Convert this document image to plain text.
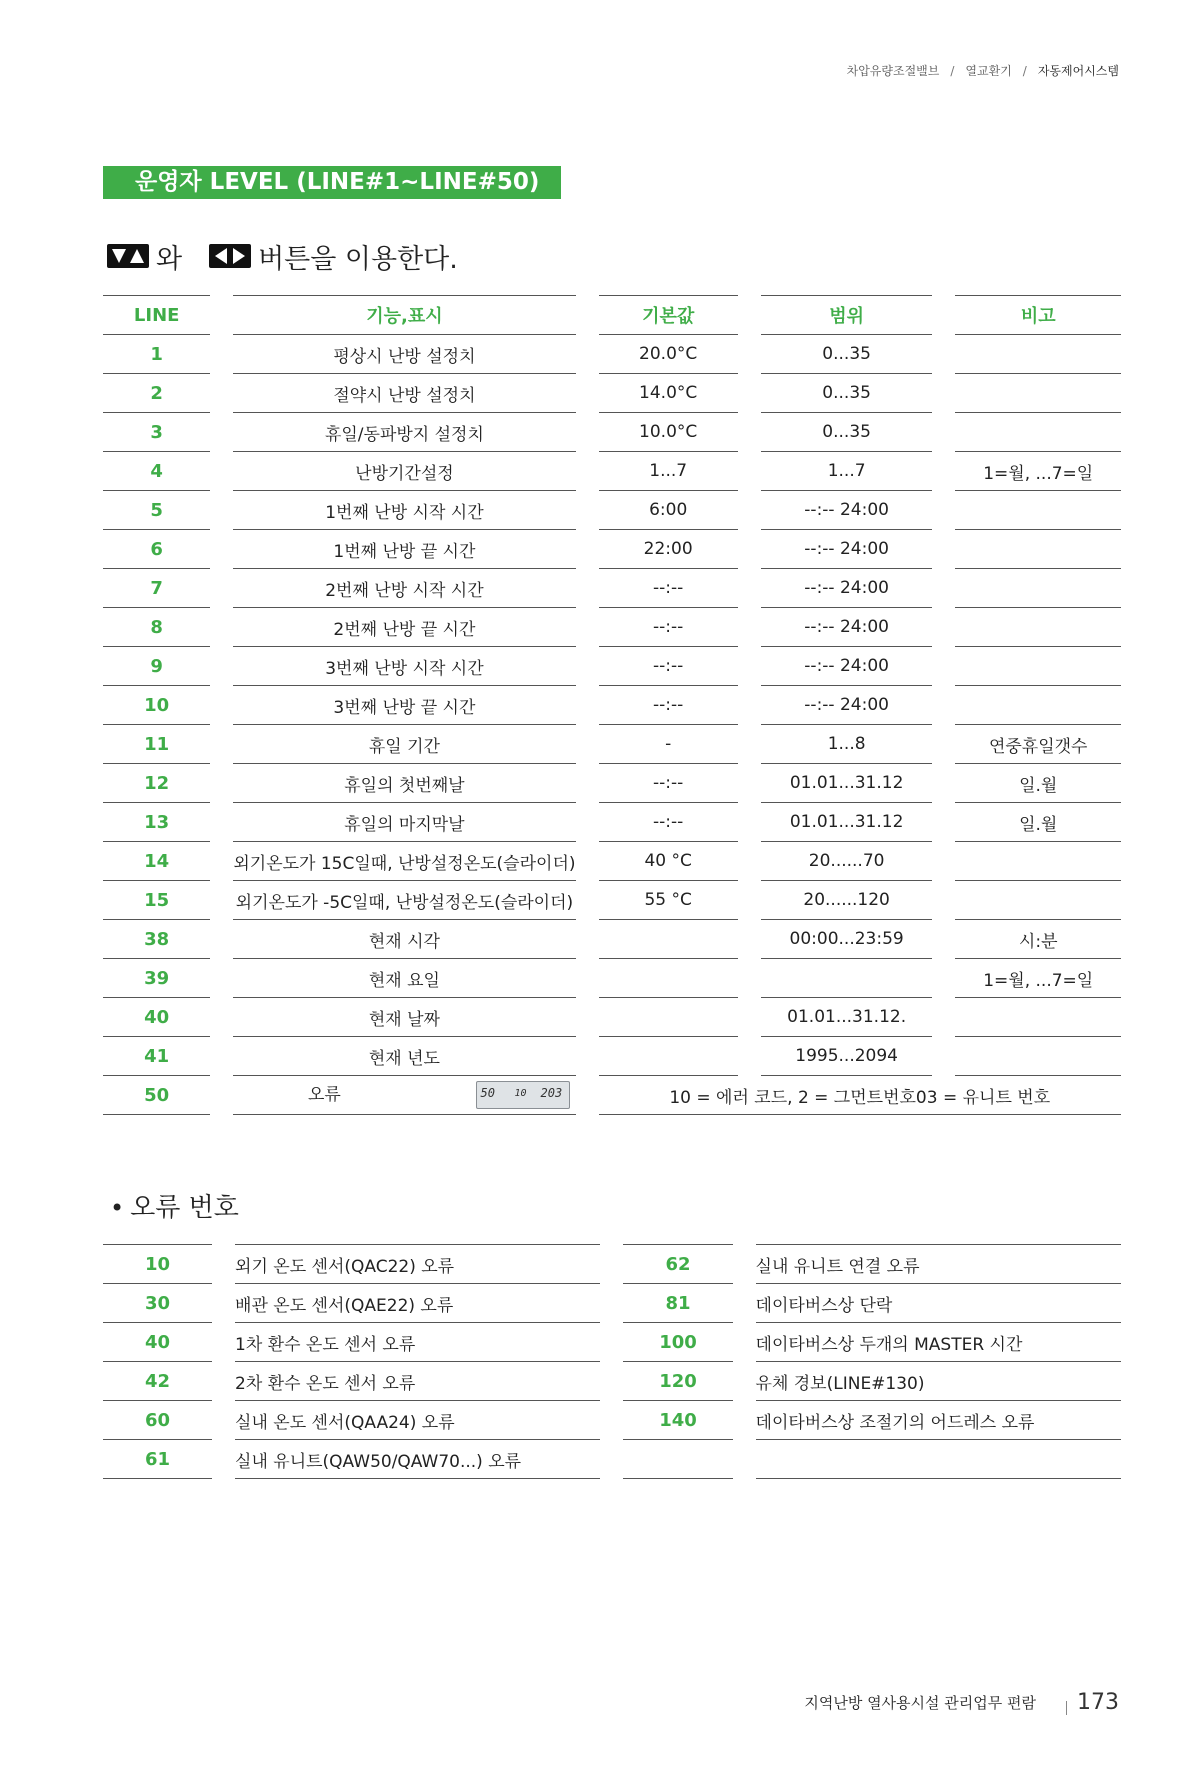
차압유량조절밸브 / 열교환기 / 자동제어시스템
운영자 LEVEL (LINE#1~LINE#50)
와	버튼을 이용한다.
LINE	기능,표시	기본값	범위	비고
1	평상시 난방 설정치	20.0°C	0...35	
2	절약시 난방 설정치	14.0°C	0...35	
3	휴일/동파방지 설정치	10.0°C	0...35	
4	난방기간설정	1...7	1...7	1=월, ...7=일
5	1번째 난방 시작 시간	6:00	--:-- 24:00	
6	1번째 난방 끝 시간	22:00	--:-- 24:00	
7	2번째 난방 시작 시간	--:--	--:-- 24:00	
8	2번째 난방 끝 시간	--:--	--:-- 24:00	
9	3번째 난방 시작 시간	--:--	--:-- 24:00	
10	3번째 난방 끝 시간	--:--	--:-- 24:00	
11	휴일 기간	-	1...8	연중휴일갯수
12	휴일의 첫번째날	--:--	01.01...31.12	일.월
13	휴일의 마지막날	--:--	01.01...31.12	일.월
14	외기온도가 15C일때, 난방설정온도(슬라이더)	40 °C	20......70	
15	외기온도가 -5C일때, 난방설정온도(슬라이더)	55 °C	20......120	
38	현재 시각		00:00...23:59	시:분
39	현재 요일			1=월, ...7=일
40	현재 날짜		01.01...31.12.	
41	현재 년도		1995...2094	
50	오류 50 10 203	10 = 에러 코드, 2 = 그먼트번호03 = 유니트 번호		
• 오류 번호
10	외기 온도 센서(QAC22) 오류	62	실내 유니트 연결 오류
30	배관 온도 센서(QAE22) 오류	81	데이타버스상 단락
40	1차 환수 온도 센서 오류	100	데이타버스상 두개의 MASTER 시간
42	2차 환수 온도 센서 오류	120	유체 경보(LINE#130)
60	실내 온도 센서(QAA24) 오류	140	데이타버스상 조절기의 어드레스 오류
61	실내 유니트(QAW50/QAW70...) 오류		
지역난방 열사용시설 관리업무 편람 173
